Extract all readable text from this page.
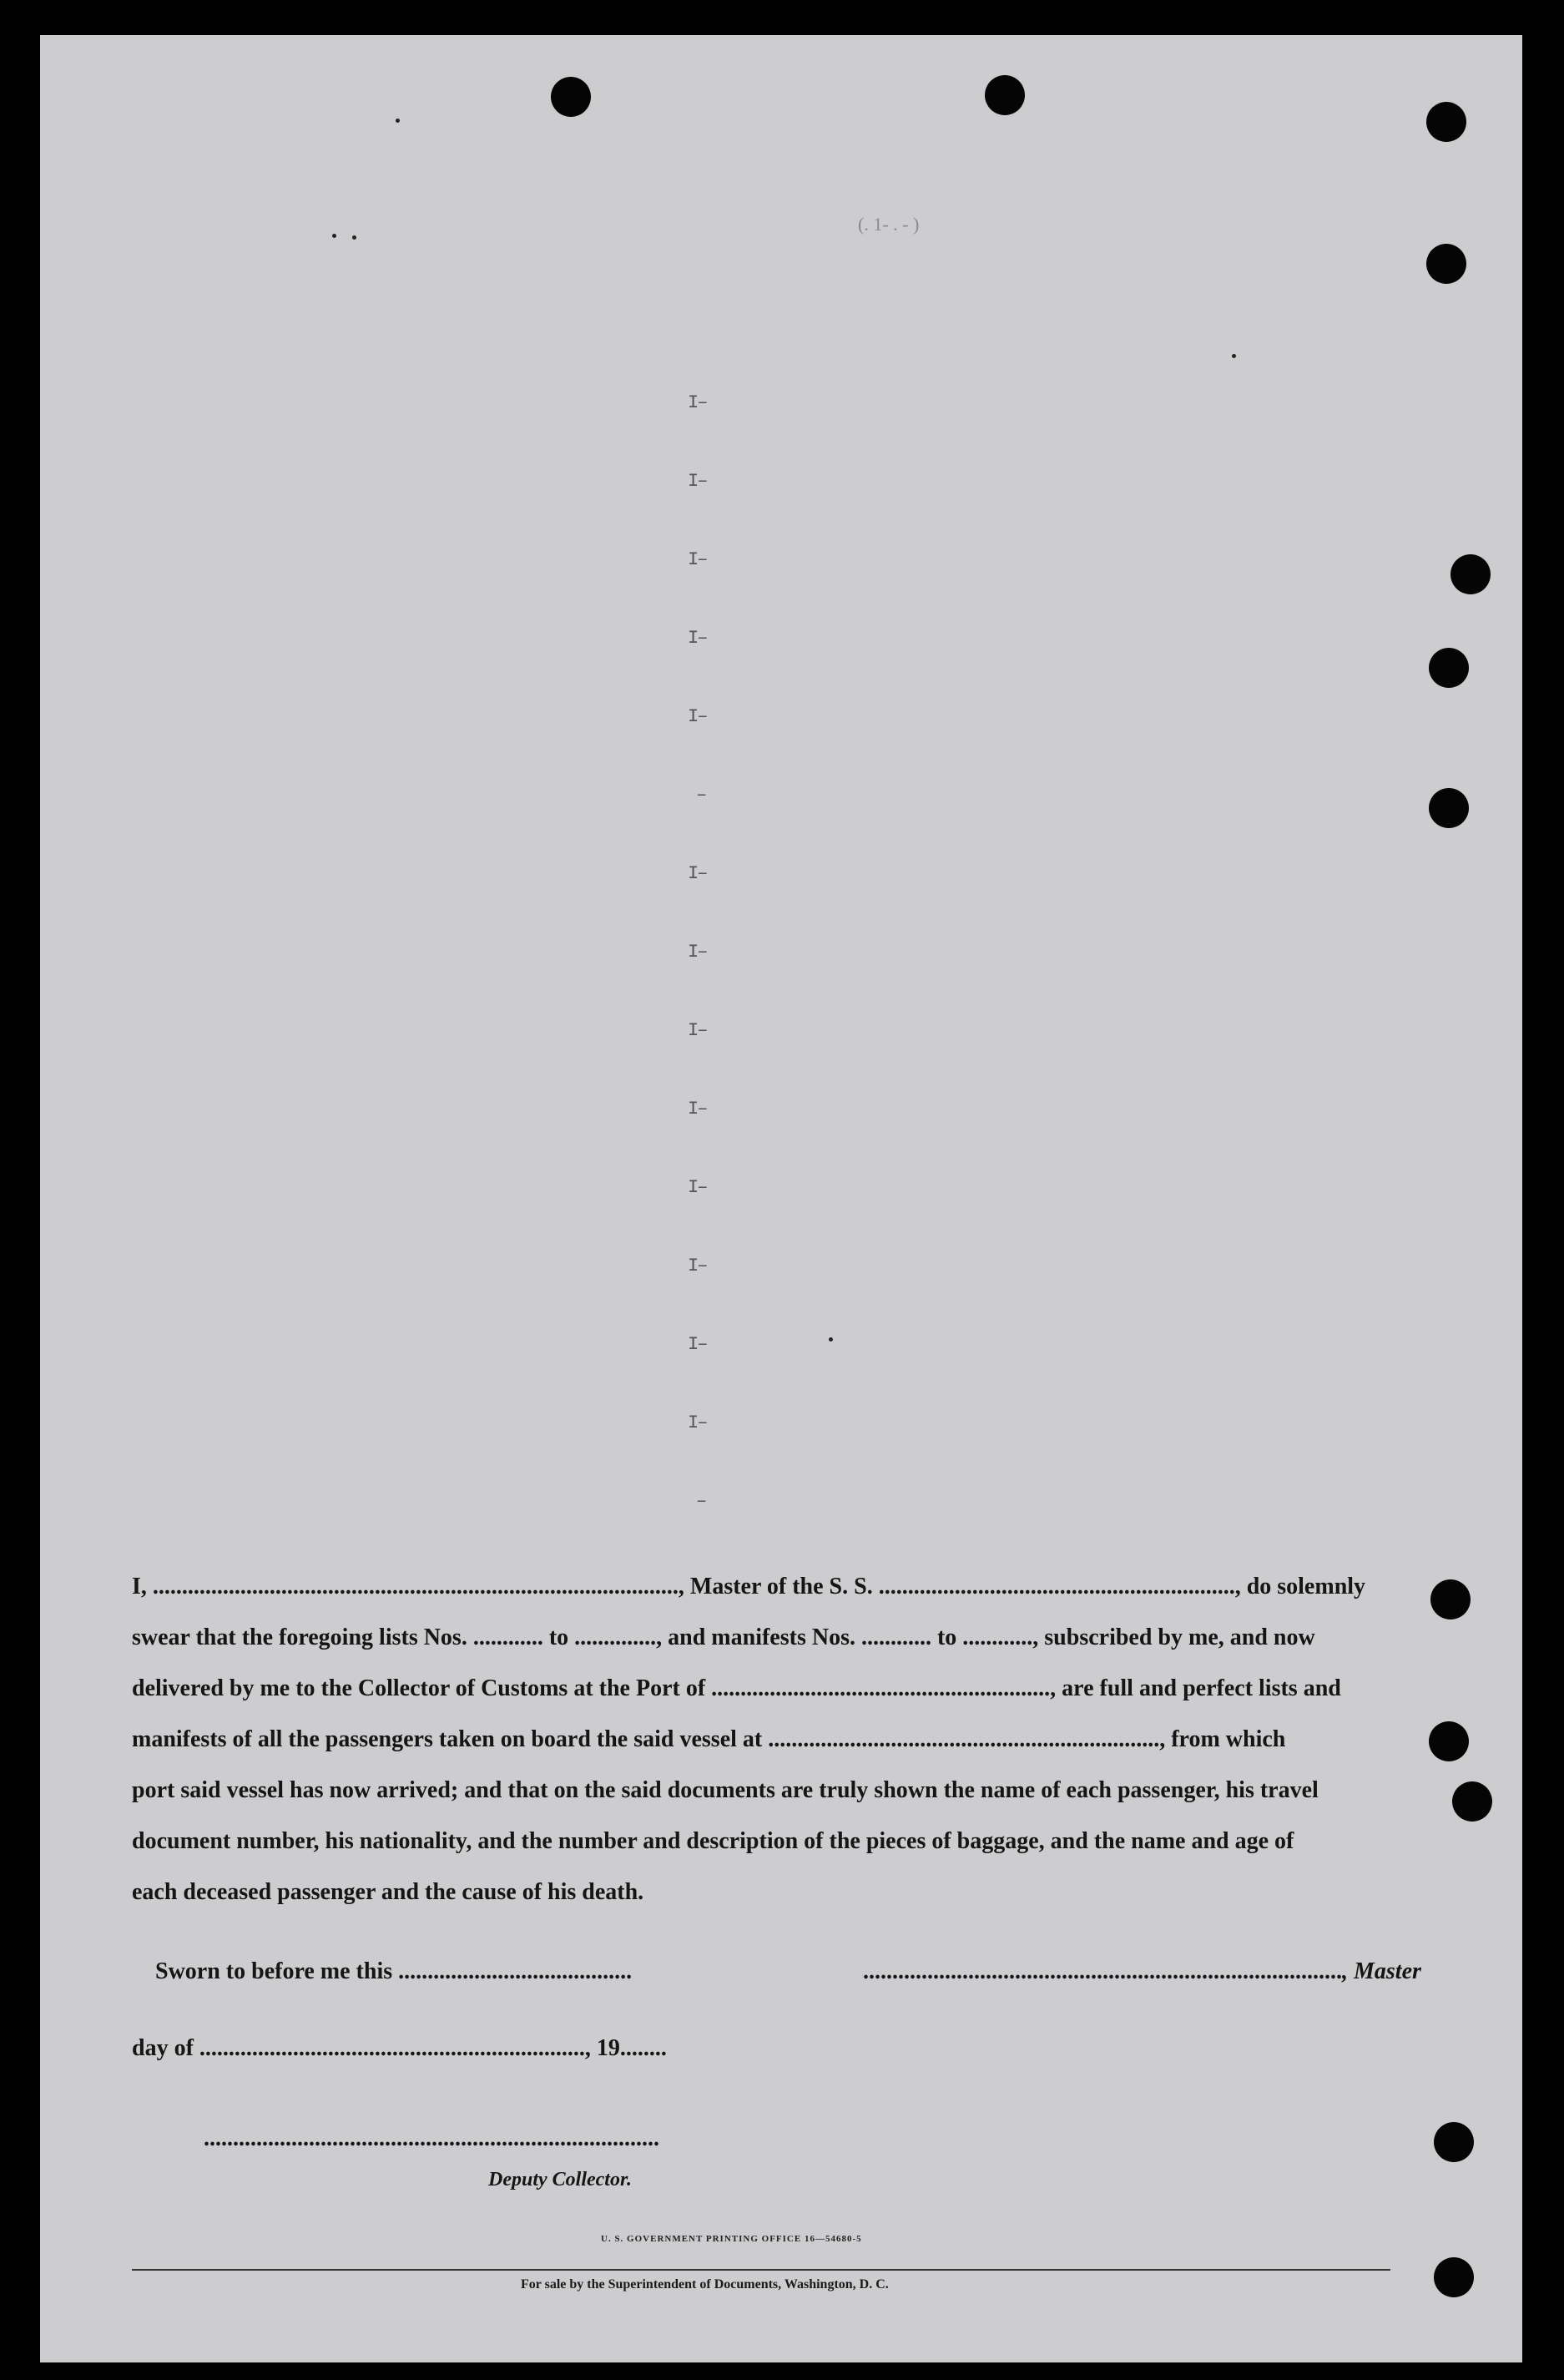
(. 1- . - )
I–
I–
I–
I–
I–
–
I–
I–
I–
I–
I–
I–
I–
I–
–
I, .........................................................................................., Master of the S. S. ............................................................., do solemnly
swear that the foregoing lists Nos. ............ to .............., and manifests Nos. ............ to ............, subscribed by me, and now
delivered by me to the Collector of Customs at the Port of .........................................................., are full and perfect lists and
manifests of all the passengers taken on board the said vessel at ..................................................................., from which
port said vessel has now arrived; and that on the said documents are truly shown the name of each passenger, his travel
document number, his nationality, and the number and description of the pieces of baggage, and the name and age of
each deceased passenger and the cause of his death.
Sworn to before me this ........................................	.................................................................................., Master
day of .................................................................., 19........
..............................................................................
Deputy Collector.
U. S. GOVERNMENT PRINTING OFFICE 16—54680-5
For sale by the Superintendent of Documents, Washington, D. C.
